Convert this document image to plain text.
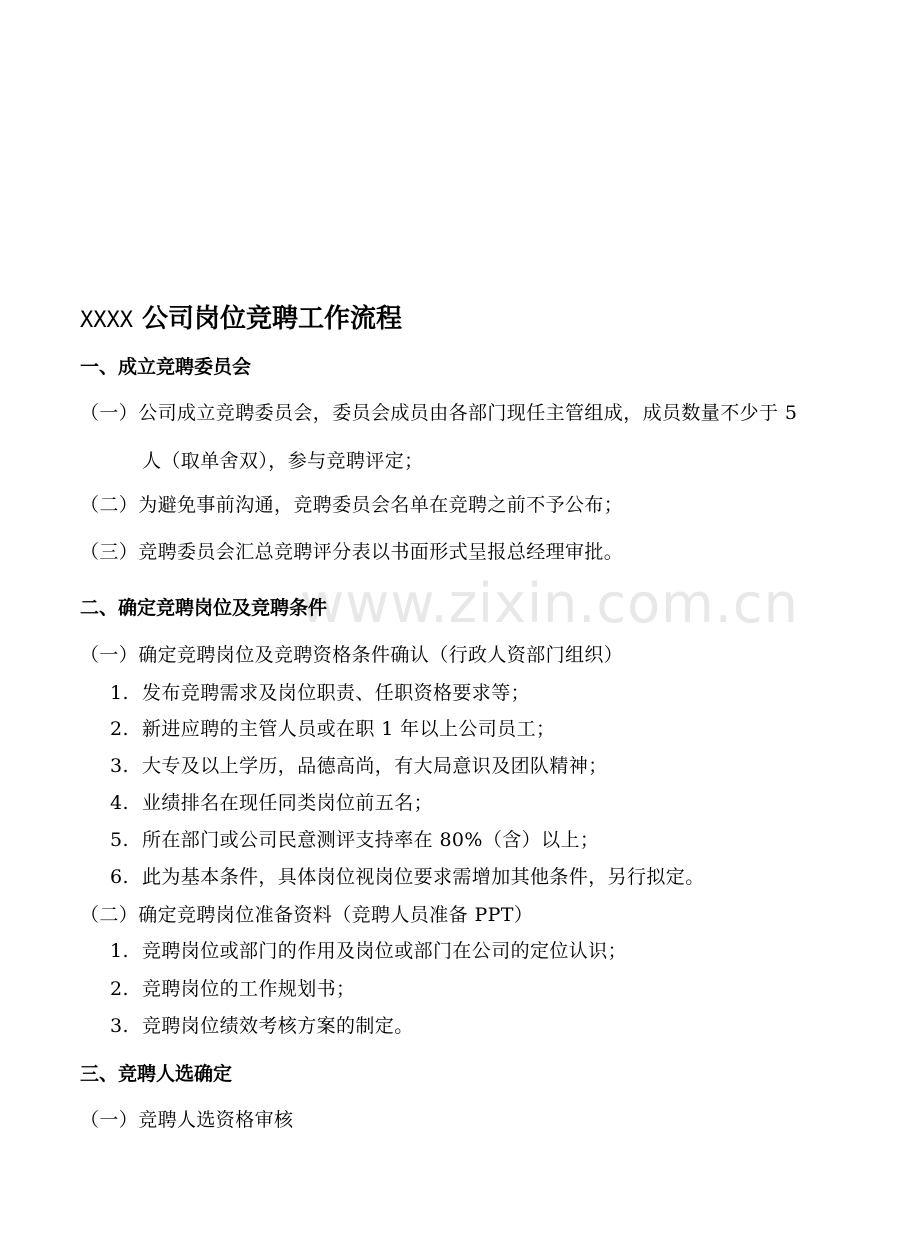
www.zixin.com.cn
XXXX 公司岗位竞聘工作流程
一、成立竞聘委员会
（一）公司成立竞聘委员会，委员会成员由各部门现任主管组成，成员数量不少于 5
人（取单舍双），参与竞聘评定；
（二）为避免事前沟通，竞聘委员会名单在竞聘之前不予公布；
（三）竞聘委员会汇总竞聘评分表以书面形式呈报总经理审批。
二、确定竞聘岗位及竞聘条件
（一）确定竞聘岗位及竞聘资格条件确认（行政人资部门组织）
1. 发布竞聘需求及岗位职责、任职资格要求等；
2. 新进应聘的主管人员或在职 1 年以上公司员工；
3. 大专及以上学历，品德高尚，有大局意识及团队精神；
4. 业绩排名在现任同类岗位前五名；
5. 所在部门或公司民意测评支持率在 80%（含）以上；
6. 此为基本条件，具体岗位视岗位要求需增加其他条件，另行拟定。
（二）确定竞聘岗位准备资料（竞聘人员准备 PPT）
1. 竞聘岗位或部门的作用及岗位或部门在公司的定位认识；
2. 竞聘岗位的工作规划书；
3. 竞聘岗位绩效考核方案的制定。
三、竞聘人选确定
（一）竞聘人选资格审核
